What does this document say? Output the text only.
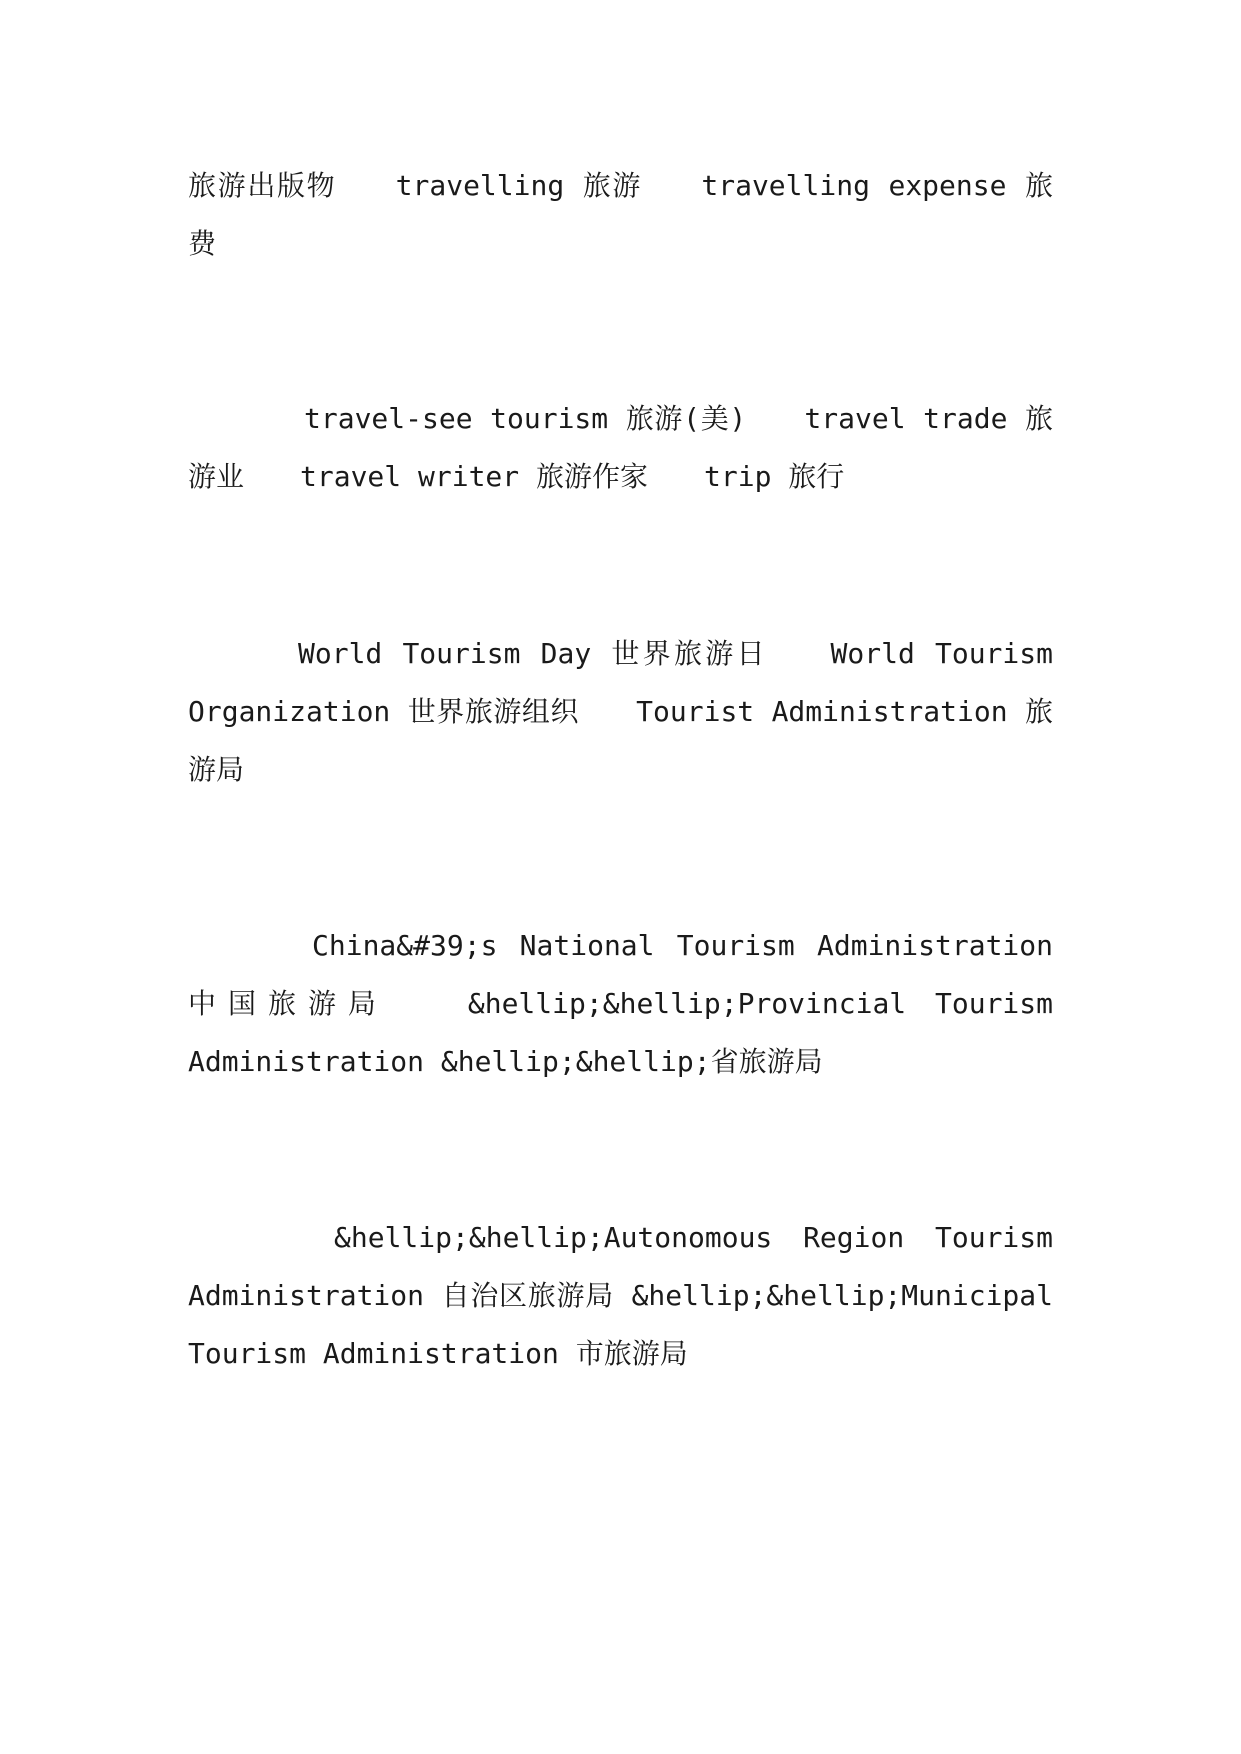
旅游出版物　　travelling 旅游　　travelling expense 旅费

travel-see tourism 旅游(美)　　travel trade 旅游业　　travel writer 旅游作家　　trip 旅行

World Tourism Day 世界旅游日　　World Tourism Organization 世界旅游组织　　Tourist Administration 旅游局

China&#39;s National Tourism Administration 中国旅游局　　&hellip;&hellip;Provincial Tourism Administration &hellip;&hellip;省旅游局

&hellip;&hellip;Autonomous Region Tourism Administration 自治区旅游局 &hellip;&hellip;Municipal Tourism Administration 市旅游局
